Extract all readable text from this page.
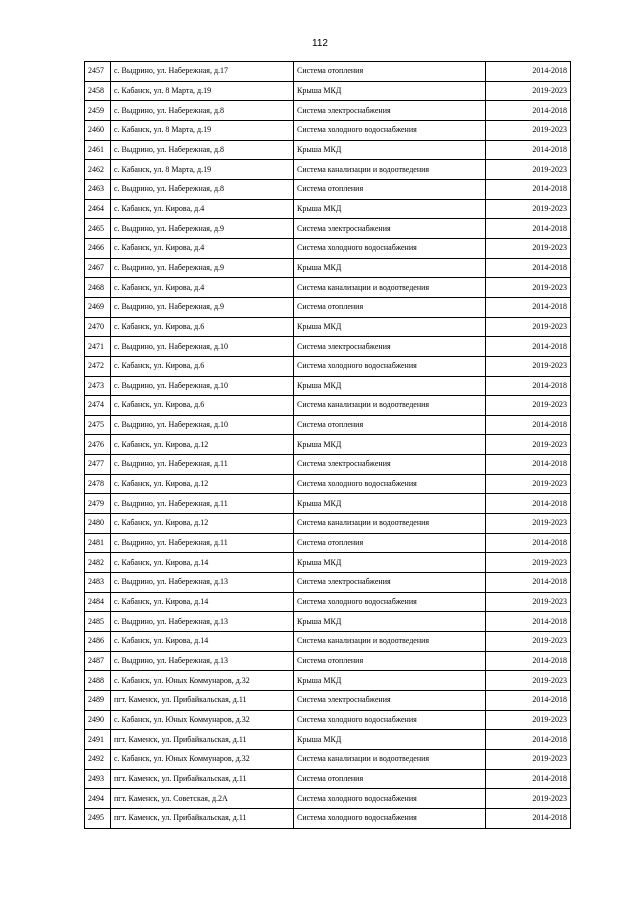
112
2457	с. Выдрино, ул. Набережная, д.17	Система отопления	2014-2018
2458	с. Кабанск, ул. 8 Марта, д.19	Крыша МКД	2019-2023
2459	с. Выдрино, ул. Набережная, д.8	Система электроснабжения	2014-2018
2460	с. Кабанск, ул. 8 Марта, д.19	Система холодного водоснабжения	2019-2023
2461	с. Выдрино, ул. Набережная, д.8	Крыша МКД	2014-2018
2462	с. Кабанск, ул. 8 Марта, д.19	Система канализации и водоотведения	2019-2023
2463	с. Выдрино, ул. Набережная, д.8	Система отопления	2014-2018
2464	с. Кабанск, ул. Кирова, д.4	Крыша МКД	2019-2023
2465	с. Выдрино, ул. Набережная, д.9	Система электроснабжения	2014-2018
2466	с. Кабанск, ул. Кирова, д.4	Система холодного водоснабжения	2019-2023
2467	с. Выдрино, ул. Набережная, д.9	Крыша МКД	2014-2018
2468	с. Кабанск, ул. Кирова, д.4	Система канализации и водоотведения	2019-2023
2469	с. Выдрино, ул. Набережная, д.9	Система отопления	2014-2018
2470	с. Кабанск, ул. Кирова, д.6	Крыша МКД	2019-2023
2471	с. Выдрино, ул. Набережная, д.10	Система электроснабжения	2014-2018
2472	с. Кабанск, ул. Кирова, д.6	Система холодного водоснабжения	2019-2023
2473	с. Выдрино, ул. Набережная, д.10	Крыша МКД	2014-2018
2474	с. Кабанск, ул. Кирова, д.6	Система канализации и водоотведения	2019-2023
2475	с. Выдрино, ул. Набережная, д.10	Система отопления	2014-2018
2476	с. Кабанск, ул. Кирова, д.12	Крыша МКД	2019-2023
2477	с. Выдрино, ул. Набережная, д.11	Система электроснабжения	2014-2018
2478	с. Кабанск, ул. Кирова, д.12	Система холодного водоснабжения	2019-2023
2479	с. Выдрино, ул. Набережная, д.11	Крыша МКД	2014-2018
2480	с. Кабанск, ул. Кирова, д.12	Система канализации и водоотведения	2019-2023
2481	с. Выдрино, ул. Набережная, д.11	Система отопления	2014-2018
2482	с. Кабанск, ул. Кирова, д.14	Крыша МКД	2019-2023
2483	с. Выдрино, ул. Набережная, д.13	Система электроснабжения	2014-2018
2484	с. Кабанск, ул. Кирова, д.14	Система холодного водоснабжения	2019-2023
2485	с. Выдрино, ул. Набережная, д.13	Крыша МКД	2014-2018
2486	с. Кабанск, ул. Кирова, д.14	Система канализации и водоотведения	2019-2023
2487	с. Выдрино, ул. Набережная, д.13	Система отопления	2014-2018
2488	с. Кабанск, ул. Юных Коммунаров, д.32	Крыша МКД	2019-2023
2489	пгт. Каменск, ул. Прибайкальская, д.11	Система электроснабжения	2014-2018
2490	с. Кабанск, ул. Юных Коммунаров, д.32	Система холодного водоснабжения	2019-2023
2491	пгт. Каменск, ул. Прибайкальская, д.11	Крыша МКД	2014-2018
2492	с. Кабанск, ул. Юных Коммунаров, д.32	Система канализации и водоотведения	2019-2023
2493	пгт. Каменск, ул. Прибайкальская, д.11	Система отопления	2014-2018
2494	пгт. Каменск, ул. Советская, д.2А	Система холодного водоснабжения	2019-2023
2495	пгт. Каменск, ул. Прибайкальская, д.11	Система холодного водоснабжения	2014-2018
